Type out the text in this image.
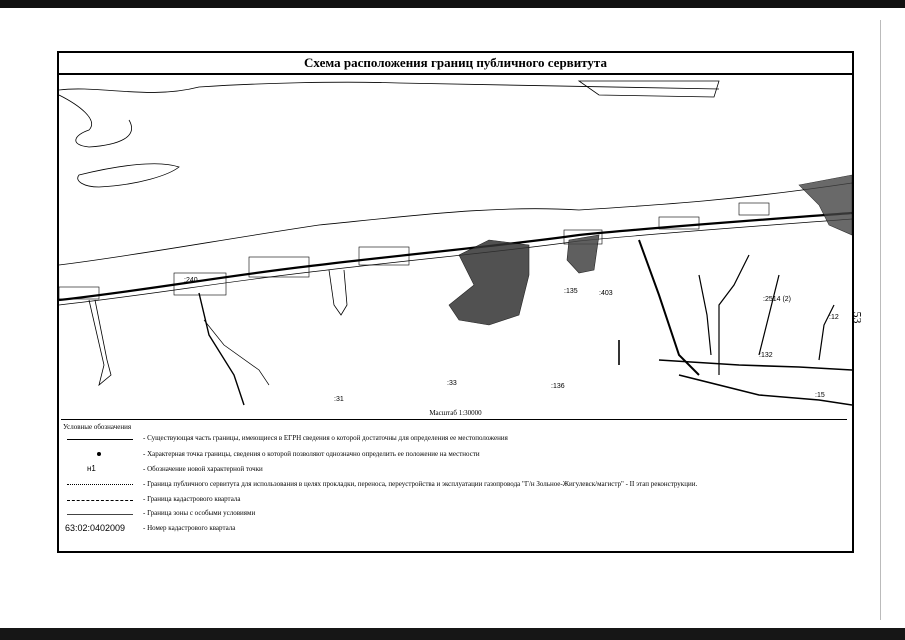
Схема расположения границ публичного сервитута
:240
:31
:33	:136
:135	:403
:2514 (2)
:132
:12
:15
Масштаб 1:30000
Условные обозначения
- Существующая часть границы, имеющиеся в ЕГРН сведения о которой достаточны для определения ее местоположения
- Характерная точка границы, сведения о которой позволяют однозначно определить ее положение на местности
н1	- Обозначение новой характерной точки
- Граница публичного сервитута для использования в целях прокладки, переноса, переустройства и эксплуатации газопровода "Г/н Зольное-Жигулевск/магистр" - II этап реконструкции.
- Граница кадастрового квартала
- Граница зоны с особыми условиями
63:02:0402009	- Номер кадастрового квартала
53
